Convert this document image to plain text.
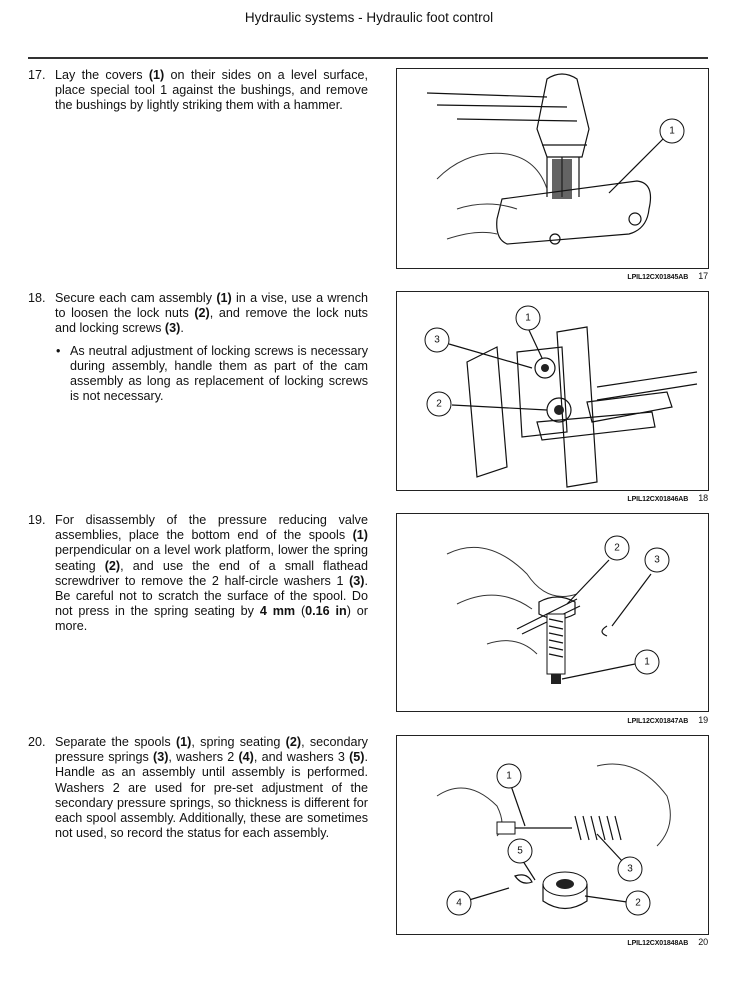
Hydraulic systems - Hydraulic foot control
17. Lay the covers (1) on their sides on a level surface, place special tool 1 against the bushings, and remove the bushings by lightly striking them with a hammer.
18. Secure each cam assembly (1) in a vise, use a wrench to loosen the lock nuts (2), and remove the lock nuts and locking screws (3).
• As neutral adjustment of locking screws is necessary during assembly, handle them as part of the cam assembly as long as replacement of locking screws is not necessary.
19. For disassembly of the pressure reducing valve assemblies, place the bottom end of the spools (1) perpendicular on a level work platform, lower the spring seating (2), and use the end of a small flathead screwdriver to remove the 2 half-circle washers 1 (3). Be careful not to scratch the surface of the spool. Do not press in the spring seating by 4 mm (0.16 in) or more.
20. Separate the spools (1), spring seating (2), secondary pressure springs (3), washers 2 (4), and washers 3 (5). Handle as an assembly until assembly is performed. Washers 2 are used for pre-set adjustment of the secondary pressure springs, so thickness is different for each spool assembly. Additionally, these are sometimes not used, so record the status for each assembly.
1
LPIL12CX01845AB 17
1
3
2
LPIL12CX01846AB 18
2
3
1
LPIL12CX01847AB 19
1
5
4
3
2
LPIL12CX01848AB 20
